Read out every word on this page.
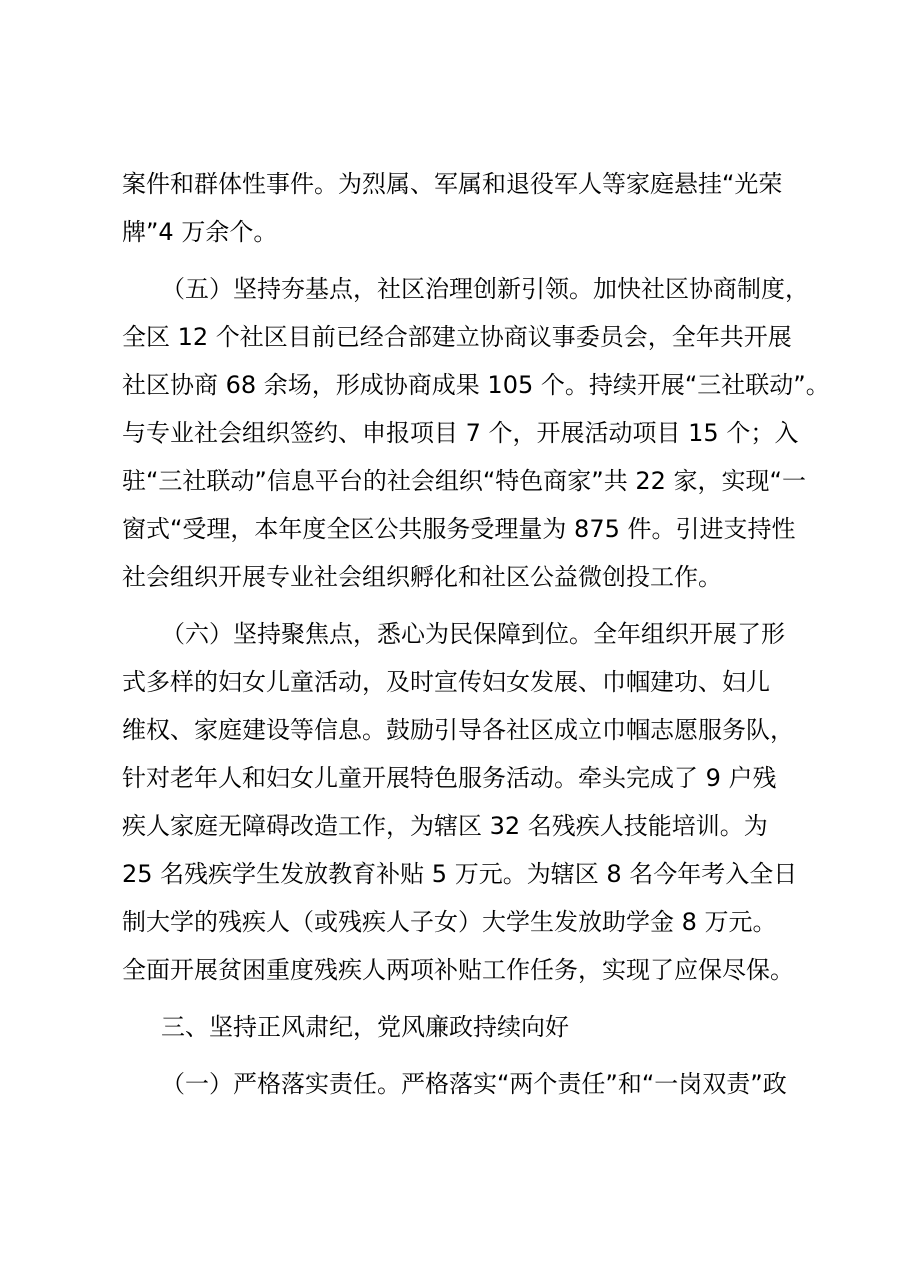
案件和群体性事件。为烈属、军属和退役军人等家庭悬挂“光荣
牌”4 万余个。
（五）坚持夯基点，社区治理创新引领。加快社区协商制度，
全区 12 个社区目前已经合部建立协商议事委员会，全年共开展
社区协商 68 余场，形成协商成果 105 个。持续开展“三社联动”。
与专业社会组织签约、申报项目 7 个，开展活动项目 15 个；入
驻“三社联动”信息平台的社会组织“特色商家”共 22 家，实现“一
窗式“受理，本年度全区公共服务受理量为 875 件。引进支持性
社会组织开展专业社会组织孵化和社区公益微创投工作。
（六）坚持聚焦点，悉心为民保障到位。全年组织开展了形
式多样的妇女儿童活动，及时宣传妇女发展、巾帼建功、妇儿
维权、家庭建设等信息。鼓励引导各社区成立巾帼志愿服务队，
针对老年人和妇女儿童开展特色服务活动。牵头完成了 9 户残
疾人家庭无障碍改造工作，为辖区 32 名残疾人技能培训。为
25 名残疾学生发放教育补贴 5 万元。为辖区 8 名今年考入全日
制大学的残疾人（或残疾人子女）大学生发放助学金 8 万元。
全面开展贫困重度残疾人两项补贴工作任务，实现了应保尽保。
三、坚持正风肃纪，党风廉政持续向好
（一）严格落实责任。严格落实“两个责任”和“一岗双责”政
